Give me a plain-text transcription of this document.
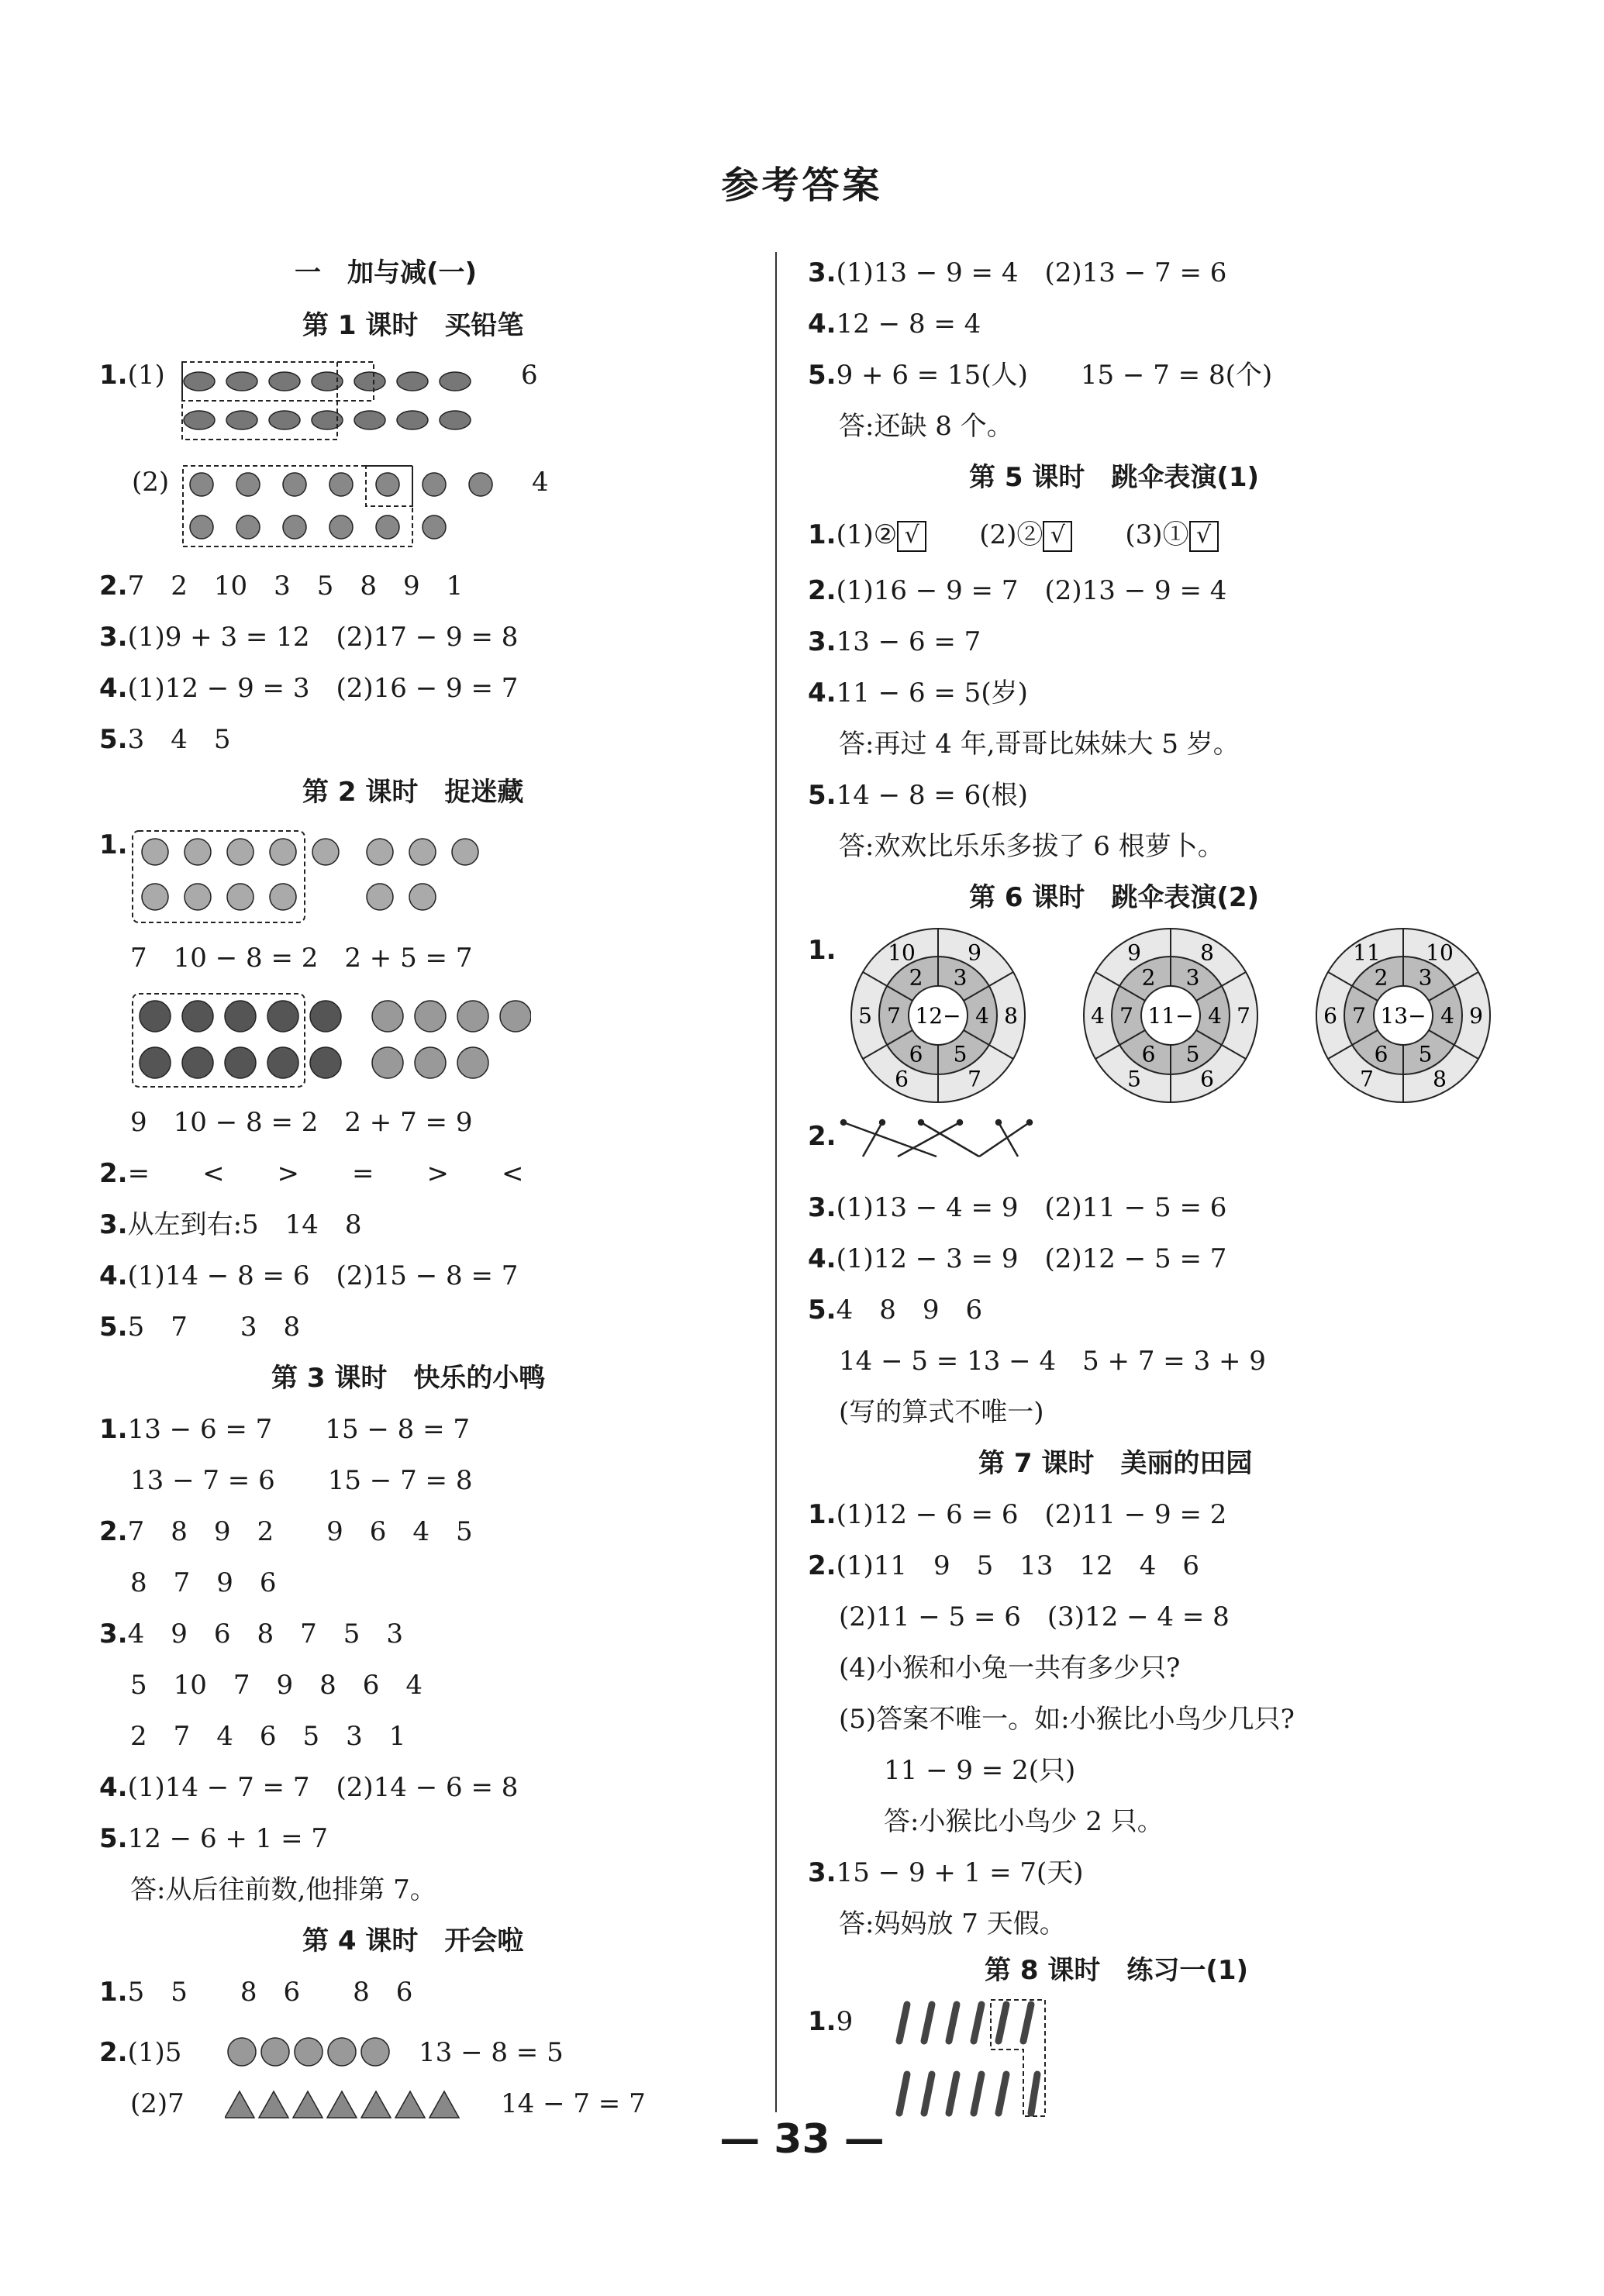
参考答案
一　加与减(一)
第 1 课时　买铅笔
1.(1)	6
(2)	4
2.7　2　10　3　5　8　9　1
3.(1)9 + 3 = 12　(2)17 − 9 = 8
4.(1)12 − 9 = 3　(2)16 − 9 = 7
5.3　4　5
第 2 课时　捉迷藏
1.
7　10 − 8 = 2　2 + 5 = 7
9　10 − 8 = 2　2 + 7 = 9
2.=　　<　　>　　=　　>　　<
3.从左到右:5　14　8
4.(1)14 − 8 = 6　(2)15 − 8 = 7
5.5　7　　3　8
第 3 课时　快乐的小鸭
1.13 − 6 = 7　　15 − 8 = 7
13 − 7 = 6　　15 − 7 = 8
2.7　8　9　2　　9　6　4　5
8　7　9　6
3.4　9　6　8　7　5　3
5　10　7　9　8　6　4
2　7　4　6　5　3　1
4.(1)14 − 7 = 7　(2)14 − 6 = 8
5.12 − 6 + 1 = 7
答:从后往前数,他排第 7。
第 4 课时　开会啦
1.5　5　　8　6　　8　6
2.(1)5	13 − 8 = 5
(2)7	14 − 7 = 7
3.(1)13 − 9 = 4　(2)13 − 7 = 6
4.12 − 8 = 4
5.9 + 6 = 15(人)　　15 − 7 = 8(个)
答:还缺 8 个。
第 5 课时　跳伞表演(1)
1.(1)② √　　 (2)② √　　 (3)① √
2.(1)16 − 9 = 7　(2)13 − 9 = 4
3.13 − 6 = 7
4.11 − 6 = 5(岁)
答:再过 4 年,哥哥比妹妹大 5 岁。
5.14 − 8 = 6(根)
答:欢欢比乐乐多拔了 6 根萝卜。
第 6 课时　跳伞表演(2)
1.
12−
2 3
4
5
6
7
10 9
8
7
6
5	11−
2 3
4
5
6
7
9	8
7
6
5
4	13−
2 3
4
5
6
7
11 10
9
8
7
6
2.
3.(1)13 − 4 = 9　(2)11 − 5 = 6
4.(1)12 − 3 = 9　(2)12 − 5 = 7
5.4　8　9　6
14 − 5 = 13 − 4　5 + 7 = 3 + 9
(写的算式不唯一)
第 7 课时　美丽的田园
1.(1)12 − 6 = 6　(2)11 − 9 = 2
2.(1)11　9　5　13　12　4　6
(2)11 − 5 = 6　(3)12 − 4 = 8
(4)小猴和小兔一共有多少只?
(5)答案不唯一。如:小猴比小鸟少几只?
11 − 9 = 2(只)
答:小猴比小鸟少 2 只。
3.15 − 9 + 1 = 7(天)
答:妈妈放 7 天假。
第 8 课时　练习一(1)
1.9
— 33 —
